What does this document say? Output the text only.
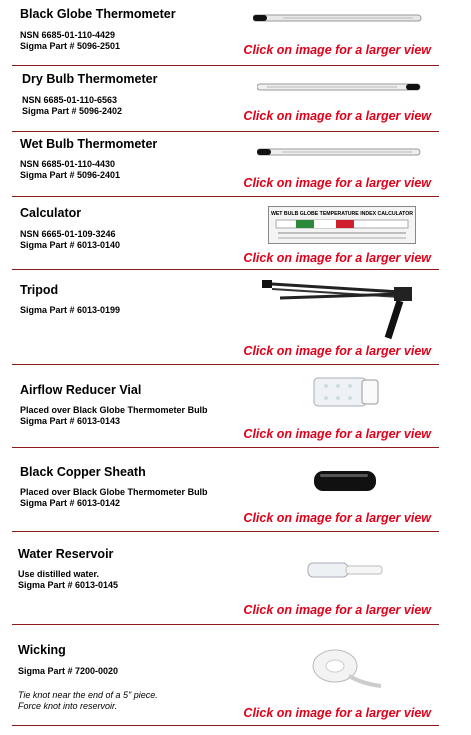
Black Globe Thermometer
NSN 6685-01-110-4429
Sigma Part # 5096-2501	Click on image for a larger view
Dry Bulb Thermometer
NSN 6685-01-110-6563
Sigma Part # 5096-2402	Click on image for a larger view
Wet Bulb Thermometer
NSN 6685-01-110-4430
Sigma Part # 5096-2401
Click on image for a larger view
Calculator
NSN 6665-01-109-3246
Sigma Part # 6013-0140
WET BULB GLOBE TEMPERATURE INDEX CALCULATOR
Click on image for a larger view
Tripod
Sigma Part # 6013-0199
Click on image for a larger view
Airflow Reducer Vial
Placed over Black Globe Thermometer Bulb
Sigma Part # 6013-0143
Click on image for a larger view
Black Copper Sheath
Placed over Black Globe Thermometer Bulb
Sigma Part # 6013-0142
Click on image for a larger view
Water Reservoir
Use distilled water.
Sigma Part # 6013-0145
Click on image for a larger view
Wicking
Sigma Part # 7200-0020
Tie knot near the end of a 5" piece.
Force knot into reservoir.	Click on image for a larger view
